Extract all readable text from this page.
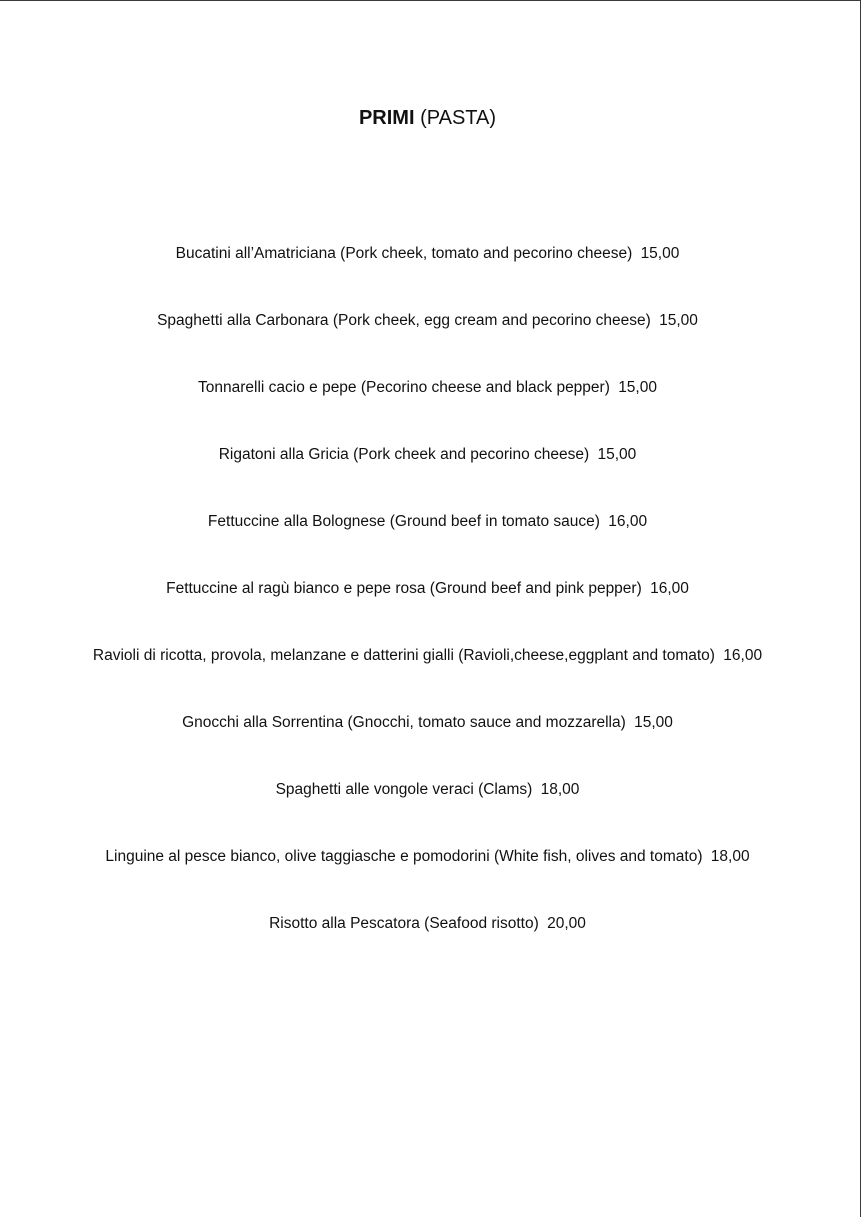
PRIMI (PASTA)
Bucatini all’Amatriciana (Pork cheek, tomato and pecorino cheese) 15,00
Spaghetti alla Carbonara (Pork cheek, egg cream and pecorino cheese) 15,00
Tonnarelli cacio e pepe (Pecorino cheese and black pepper) 15,00
Rigatoni alla Gricia (Pork cheek and pecorino cheese) 15,00
Fettuccine alla Bolognese (Ground beef in tomato sauce) 16,00
Fettuccine al ragù bianco e pepe rosa (Ground beef and pink pepper) 16,00
Ravioli di ricotta, provola, melanzane e datterini gialli (Ravioli,cheese,eggplant and tomato) 16,00
Gnocchi alla Sorrentina (Gnocchi, tomato sauce and mozzarella) 15,00
Spaghetti alle vongole veraci (Clams) 18,00
Linguine al pesce bianco, olive taggiasche e pomodorini (White fish, olives and tomato) 18,00
Risotto alla Pescatora (Seafood risotto) 20,00
